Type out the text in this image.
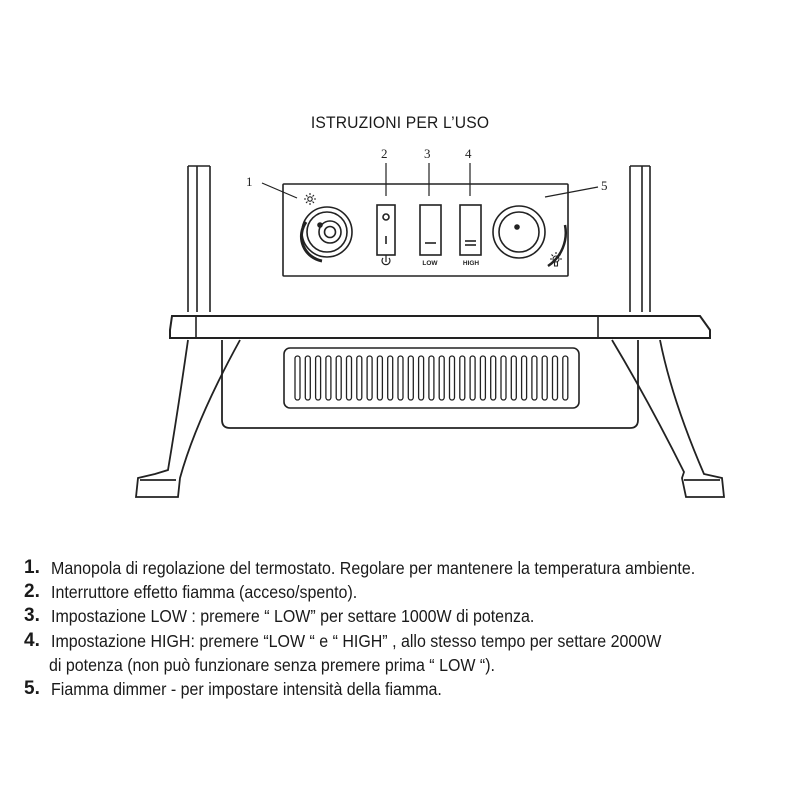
ISTRUZIONI PER L’USO
LOW	HIGH
1
2	3	4
5
1. Manopola di regolazione del termostato. Regolare per mantenere la temperatura ambiente.
2. Interruttore effetto fiamma (acceso/spento).
3. Impostazione LOW : premere “ LOW” per settare 1000W di potenza.
4. Impostazione HIGH: premere “LOW “ e “ HIGH” , allo stesso tempo per settare 2000W
di potenza (non può funzionare senza premere prima “ LOW “).
5. Fiamma dimmer - per impostare intensità della fiamma.
